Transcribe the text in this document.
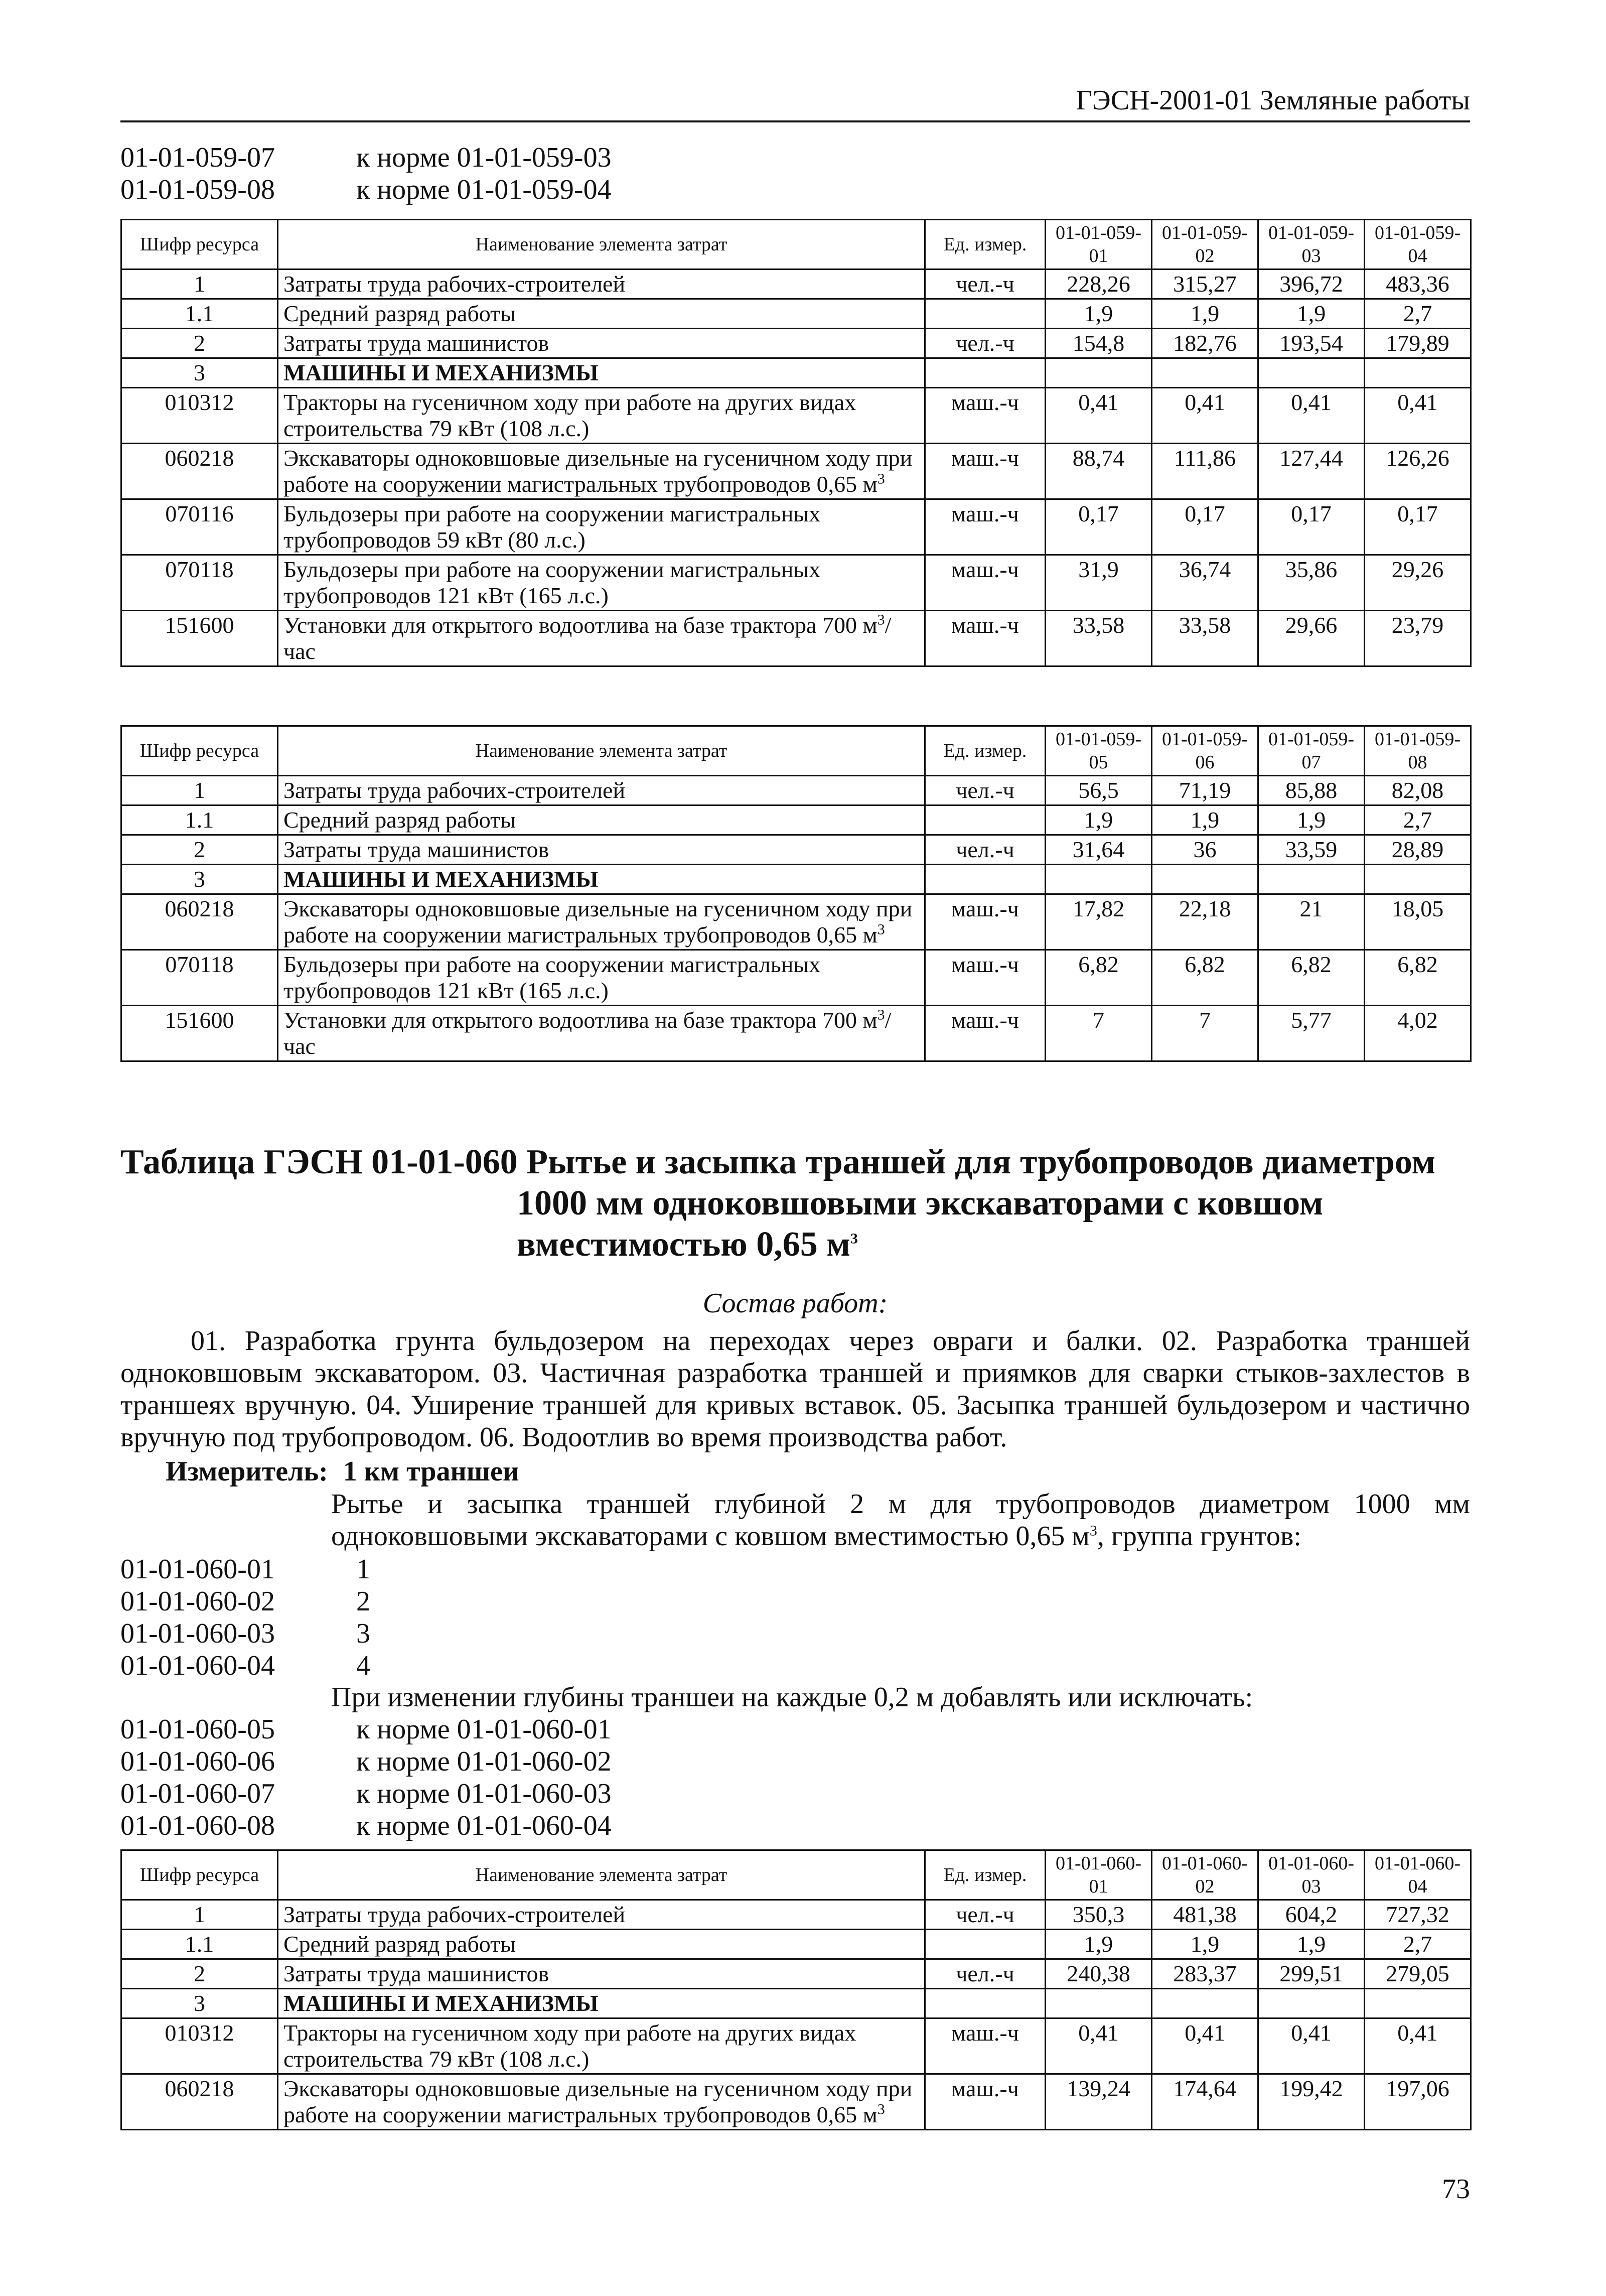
ГЭСН-2001-01 Земляные работы
01-01-059-07	к норме 01-01-059-03
01-01-059-08	к норме 01-01-059-04
Шифр ресурса	Наименование элемента затрат	Ед. измер.	01-01-059-01	01-01-059-02	01-01-059-03	01-01-059-04
1	Затраты труда рабочих-строителей	чел.-ч	228,26	315,27	396,72	483,36
1.1	Средний разряд работы		1,9	1,9	1,9	2,7
2	Затраты труда машинистов	чел.-ч	154,8	182,76	193,54	179,89
3	МАШИНЫ И МЕХАНИЗМЫ					
010312	Тракторы на гусеничном ходу при работе на других видах строительства 79 кВт (108 л.с.)	маш.-ч	0,41	0,41	0,41	0,41
060218	Экскаваторы одноковшовые дизельные на гусеничном ходу при работе на сооружении магистральных трубопроводов 0,65 $м^3$	маш.-ч	88,74	111,86	127,44	126,26
070116	Бульдозеры при работе на сооружении магистральных трубопроводов 59 кВт (80 л.с.)	маш.-ч	0,17	0,17	0,17	0,17
070118	Бульдозеры при работе на сооружении магистральных трубопроводов 121 кВт (165 л.с.)	маш.-ч	31,9	36,74	35,86	29,26
151600	Установки для открытого водоотлива на базе трактора 700 $м^3$/час	маш.-ч	33,58	33,58	29,66	23,79
Шифр ресурса	Наименование элемента затрат	Ед. измер.	01-01-059-05	01-01-059-06	01-01-059-07	01-01-059-08
1	Затраты труда рабочих-строителей	чел.-ч	56,5	71,19	85,88	82,08
1.1	Средний разряд работы		1,9	1,9	1,9	2,7
2	Затраты труда машинистов	чел.-ч	31,64	36	33,59	28,89
3	МАШИНЫ И МЕХАНИЗМЫ					
060218	Экскаваторы одноковшовые дизельные на гусеничном ходу при работе на сооружении магистральных трубопроводов 0,65 $м^3$	маш.-ч	17,82	22,18	21	18,05
070118	Бульдозеры при работе на сооружении магистральных трубопроводов 121 кВт (165 л.с.)	маш.-ч	6,82	6,82	6,82	6,82
151600	Установки для открытого водоотлива на базе трактора 700 $м^3$/час	маш.-ч	7	7	5,77	4,02
Таблица ГЭСН 01-01-060 Рытье и засыпка траншей для трубопроводов диаметром
1000 мм одноковшовыми экскаваторами с ковшом вместимостью 0,65 $м^3$
Состав работ:
01. Разработка грунта бульдозером на переходах через овраги и балки. 02. Разработка траншей одноковшовым экскаватором. 03. Частичная разработка траншей и приямков для сварки стыков-захлестов в траншеях вручную. 04. Уширение траншей для кривых вставок. 05. Засыпка траншей бульдозером и частично вручную под трубопроводом. 06. Водоотлив во время производства работ.
Измеритель: 1 км траншеи
Рытье и засыпка траншей глубиной 2 м для трубопроводов диаметром 1000 мм одноковшовыми экскаваторами с ковшом вместимостью 0,65 $м^3$, группа грунтов:
01-01-060-01	1
01-01-060-02	2
01-01-060-03	3
01-01-060-04	4
При изменении глубины траншеи на каждые 0,2 м добавлять или исключать:
01-01-060-05	к норме 01-01-060-01
01-01-060-06	к норме 01-01-060-02
01-01-060-07	к норме 01-01-060-03
01-01-060-08	к норме 01-01-060-04
Шифр ресурса	Наименование элемента затрат	Ед. измер.	01-01-060-01	01-01-060-02	01-01-060-03	01-01-060-04
1	Затраты труда рабочих-строителей	чел.-ч	350,3	481,38	604,2	727,32
1.1	Средний разряд работы		1,9	1,9	1,9	2,7
2	Затраты труда машинистов	чел.-ч	240,38	283,37	299,51	279,05
3	МАШИНЫ И МЕХАНИЗМЫ					
010312	Тракторы на гусеничном ходу при работе на других видах строительства 79 кВт (108 л.с.)	маш.-ч	0,41	0,41	0,41	0,41
060218	Экскаваторы одноковшовые дизельные на гусеничном ходу при работе на сооружении магистральных трубопроводов 0,65 $м^3$	маш.-ч	139,24	174,64	199,42	197,06
73
